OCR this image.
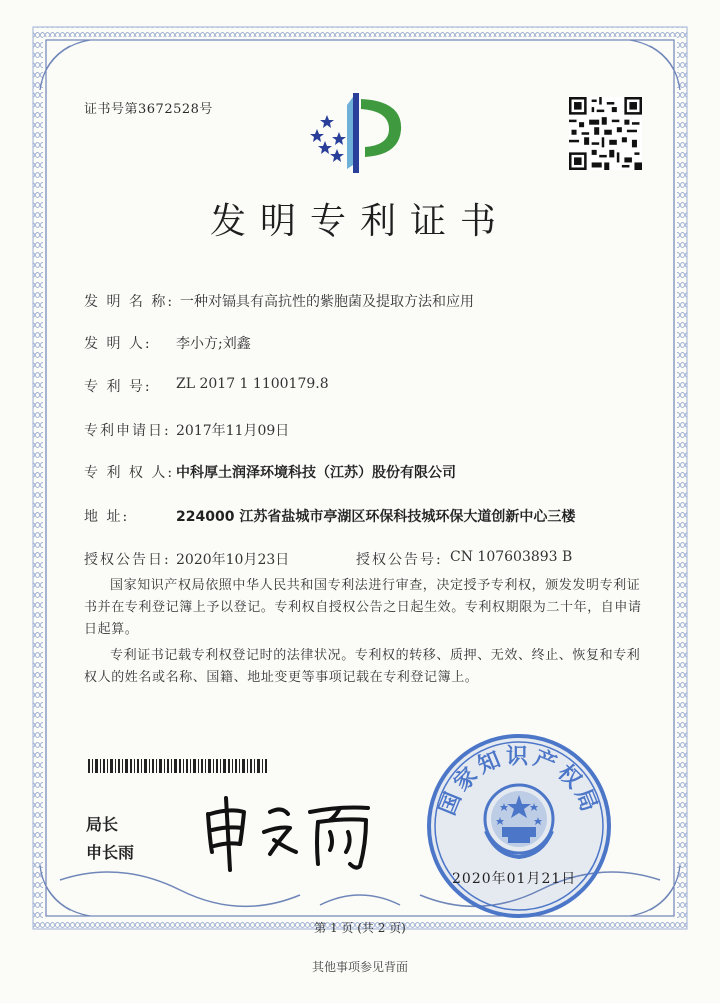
证书号第3672528号
发明专利证书
发 明 名 称: 一种对镉具有高抗性的紫胞菌及提取方法和应用
发 明 人: 李小方;刘鑫
专 利 号: ZL 2017 1 1100179.8
专利申请日: 2017年11月09日
专 利 权 人: 中科厚土润泽环境科技（江苏）股份有限公司
地 址:	224000 江苏省盐城市亭湖区环保科技城环保大道创新中心三楼
授权公告日: 2020年10月23日	授权公告号: CN 107603893 B
国家知识产权局依照中华人民共和国专利法进行审查，决定授予专利权，颁发发明专利证书并在专利登记簿上予以登记。专利权自授权公告之日起生效。专利权期限为二十年，自申请日起算。
专利证书记载专利权登记时的法律状况。专利权的转移、质押、无效、终止、恢复和专利权人的姓名或名称、国籍、地址变更等事项记载在专利登记簿上。
局长
申长雨
国家知识产权局
2020年01月21日
第 1 页 (共 2 页)
其他事项参见背面
